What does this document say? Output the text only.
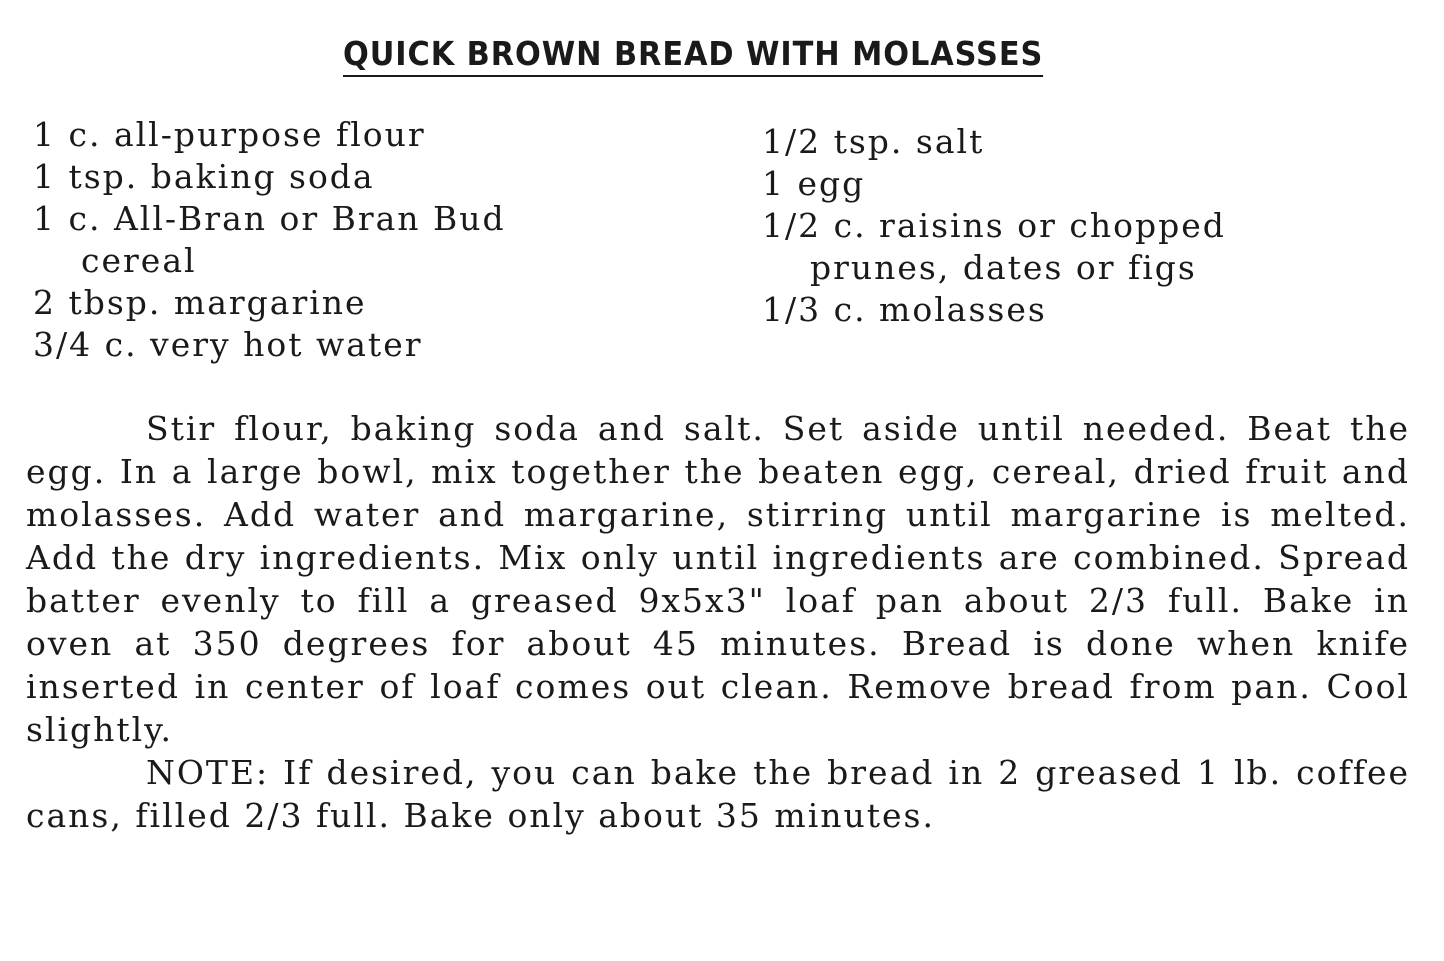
QUICK BROWN BREAD WITH MOLASSES
1 c. all-purpose flour
1 tsp. baking soda
1 c. All-Bran or Bran Bud
cereal
2 tbsp. margarine
3/4 c. very hot water
1/2 tsp. salt
1 egg
1/2 c. raisins or chopped
prunes, dates or figs
1/3 c. molasses

Stir flour, baking soda and salt. Set aside until needed. Beat the egg. In a large bowl, mix together the beaten egg, cereal, dried fruit and molasses. Add water and margarine, stirring until margarine is melted. Add the dry ingredients. Mix only until ingredients are combined. Spread batter evenly to fill a greased 9x5x3" loaf pan about 2/3 full. Bake in oven at 350 degrees for about 45 minutes. Bread is done when knife inserted in center of loaf comes out clean. Remove bread from pan. Cool slightly.

NOTE: If desired, you can bake the bread in 2 greased 1 lb. coffee cans, filled 2/3 full. Bake only about 35 minutes.
